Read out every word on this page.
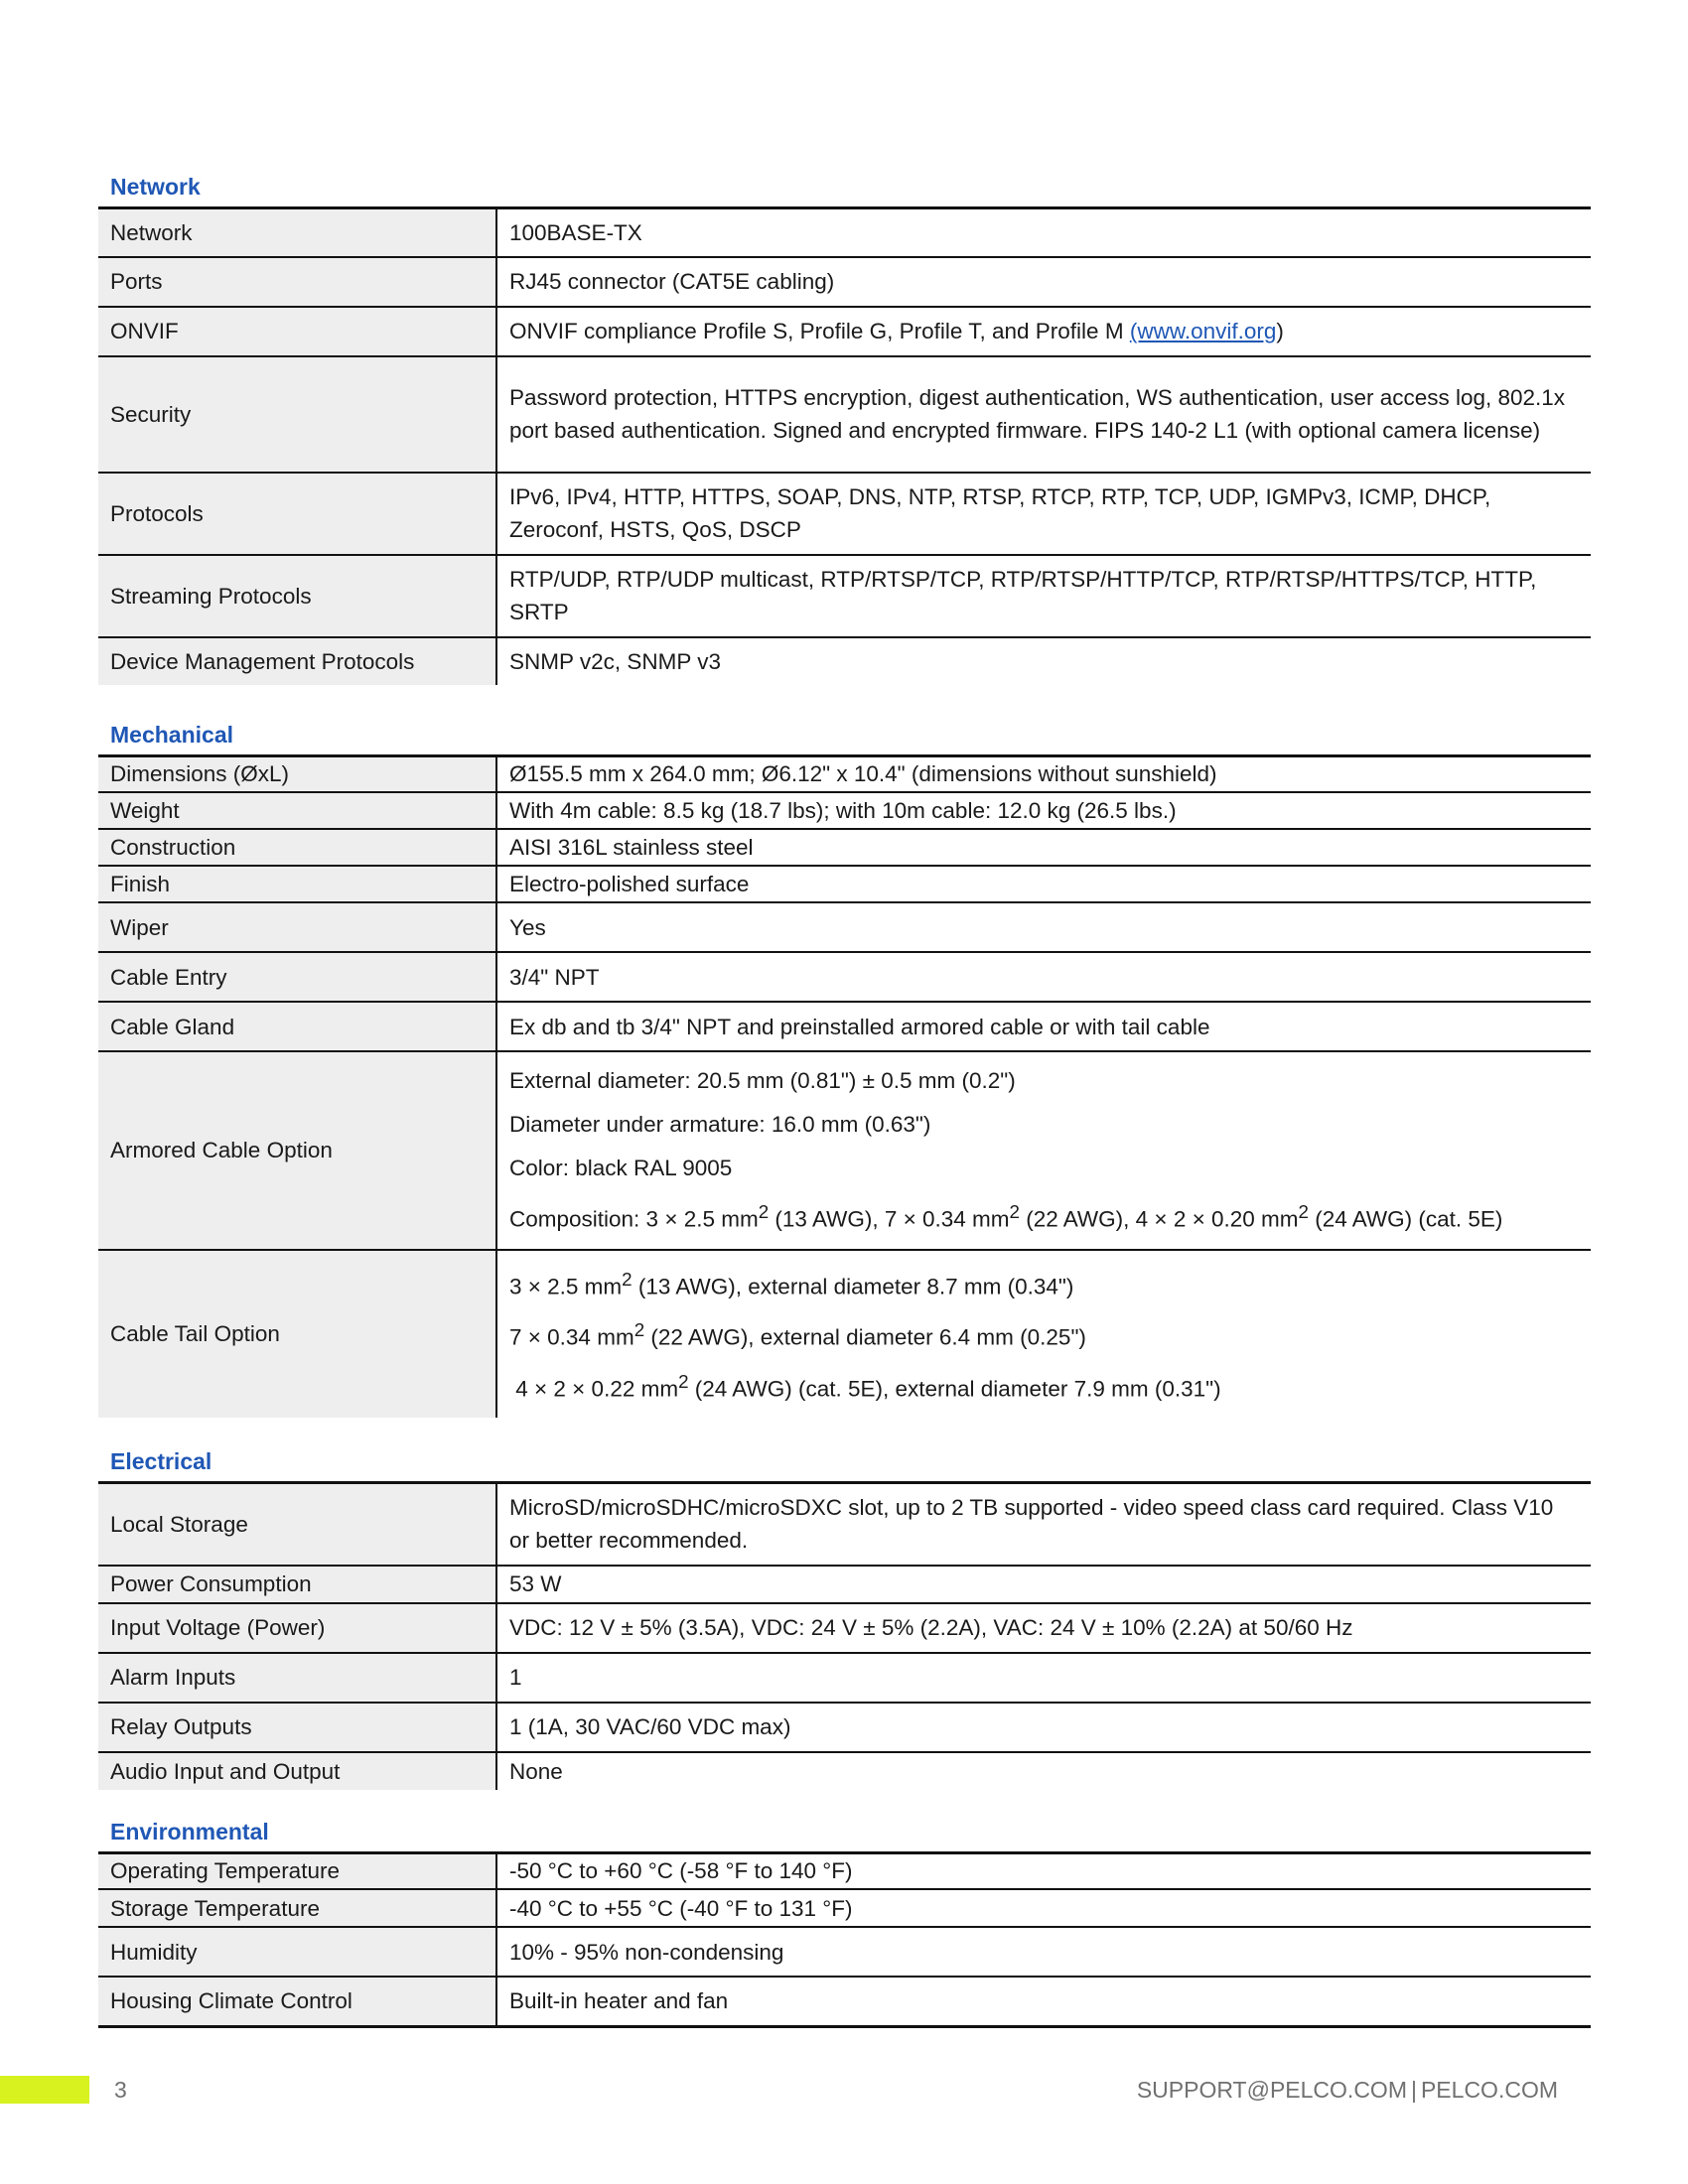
Network
Network	100BASE-TX
Ports	RJ45 connector (CAT5E cabling)
ONVIF	ONVIF compliance Profile S, Profile G, Profile T, and Profile M (www.onvif.org)
Security	Password protection, HTTPS encryption, digest authentication, WS authentication, user access log, 802.1x port based authentication. Signed and encrypted firmware. FIPS 140-2 L1 (with optional camera license)
Protocols	IPv6, IPv4, HTTP, HTTPS, SOAP, DNS, NTP, RTSP, RTCP, RTP, TCP, UDP, IGMPv3, ICMP, DHCP, Zeroconf, HSTS, QoS, DSCP
Streaming Protocols	RTP/UDP, RTP/UDP multicast, RTP/RTSP/TCP, RTP/RTSP/HTTP/TCP, RTP/RTSP/HTTPS/TCP, HTTP, SRTP
Device Management Protocols	SNMP v2c, SNMP v3
Mechanical
Dimensions (ØxL)	Ø155.5 mm x 264.0 mm; Ø6.12" x 10.4" (dimensions without sunshield)
Weight	With 4m cable: 8.5 kg (18.7 lbs); with 10m cable: 12.0 kg (26.5 lbs.)
Construction	AISI 316L stainless steel
Finish	Electro-polished surface
Wiper	Yes
Cable Entry	3/4" NPT
Cable Gland	Ex db and tb 3/4" NPT and preinstalled armored cable or with tail cable
Armored Cable Option	External diameter: 20.5 mm (0.81") ± 0.5 mm (0.2")
Diameter under armature: 16.0 mm (0.63")
Color: black RAL 9005
Composition: 3 × 2.5 $mm^2$ (13 AWG), 7 × 0.34 $mm^2$ (22 AWG), 4 × 2 × 0.20 $mm^2$ (24 AWG) (cat. 5E)

Cable Tail Option	3 × 2.5 $mm^2$ (13 AWG), external diameter 8.7 mm (0.34")
7 × 0.34 $mm^2$ (22 AWG), external diameter 6.4 mm (0.25")
4 × 2 × 0.22 $mm^2$ (24 AWG) (cat. 5E), external diameter 7.9 mm (0.31")
Electrical
Local Storage	MicroSD/microSDHC/microSDXC slot, up to 2 TB supported - video speed class card required. Class V10 or better recommended.
Power Consumption	53 W
Input Voltage (Power)	VDC: 12 V ± 5% (3.5A), VDC: 24 V ± 5% (2.2A), VAC: 24 V ± 10% (2.2A) at 50/60 Hz
Alarm Inputs	1
Relay Outputs	1 (1A, 30 VAC/60 VDC max)
Audio Input and Output	None
Environmental
Operating Temperature	-50 °C to +60 °C (-58 °F to 140 °F)
Storage Temperature	-40 °C to +55 °C (-40 °F to 131 °F)
Humidity	10% - 95% non-condensing
Housing Climate Control	Built-in heater and fan
3	SUPPORT@PELCO.COM | PELCO.COM
